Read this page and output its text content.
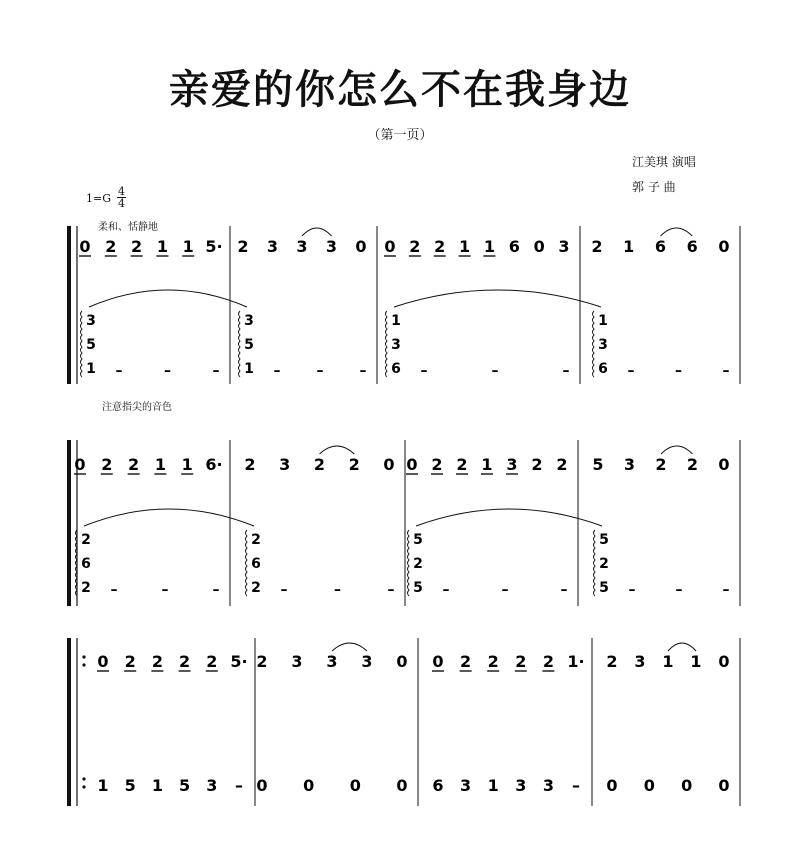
亲爱的你怎么不在我身边
（第一页）
江美琪 演唱
郭 子 曲
$1=G \frac{4}{4}$
柔和、恬静地
注意指尖的音色
0 2 2 1 1 5· 2 3 3 3 0 0 2 2 1 1 6 0 3 2 1 6 6 0
3
5
1 –	–	–
3
5
1 –	–	–
1
3
6 –	–	–
1
3
6 –	–	–
0 2 2 1 1 6· 2 3 2 2 0 0 2 2 1 3 2 2 5 3 2 2 0
2
6
2 –	–	–
2
6
2 –	–	–
5
2
5 –	–	–
5
2
5 –	–	–
0 2 2 2 2 5· 2 3 3 3 0 0 2 2 2 2 1· 2 3 1 1 0
1 5 1 5 3 – 0 0 0 0 6 3 1 3 3 – 0 0 0 0
